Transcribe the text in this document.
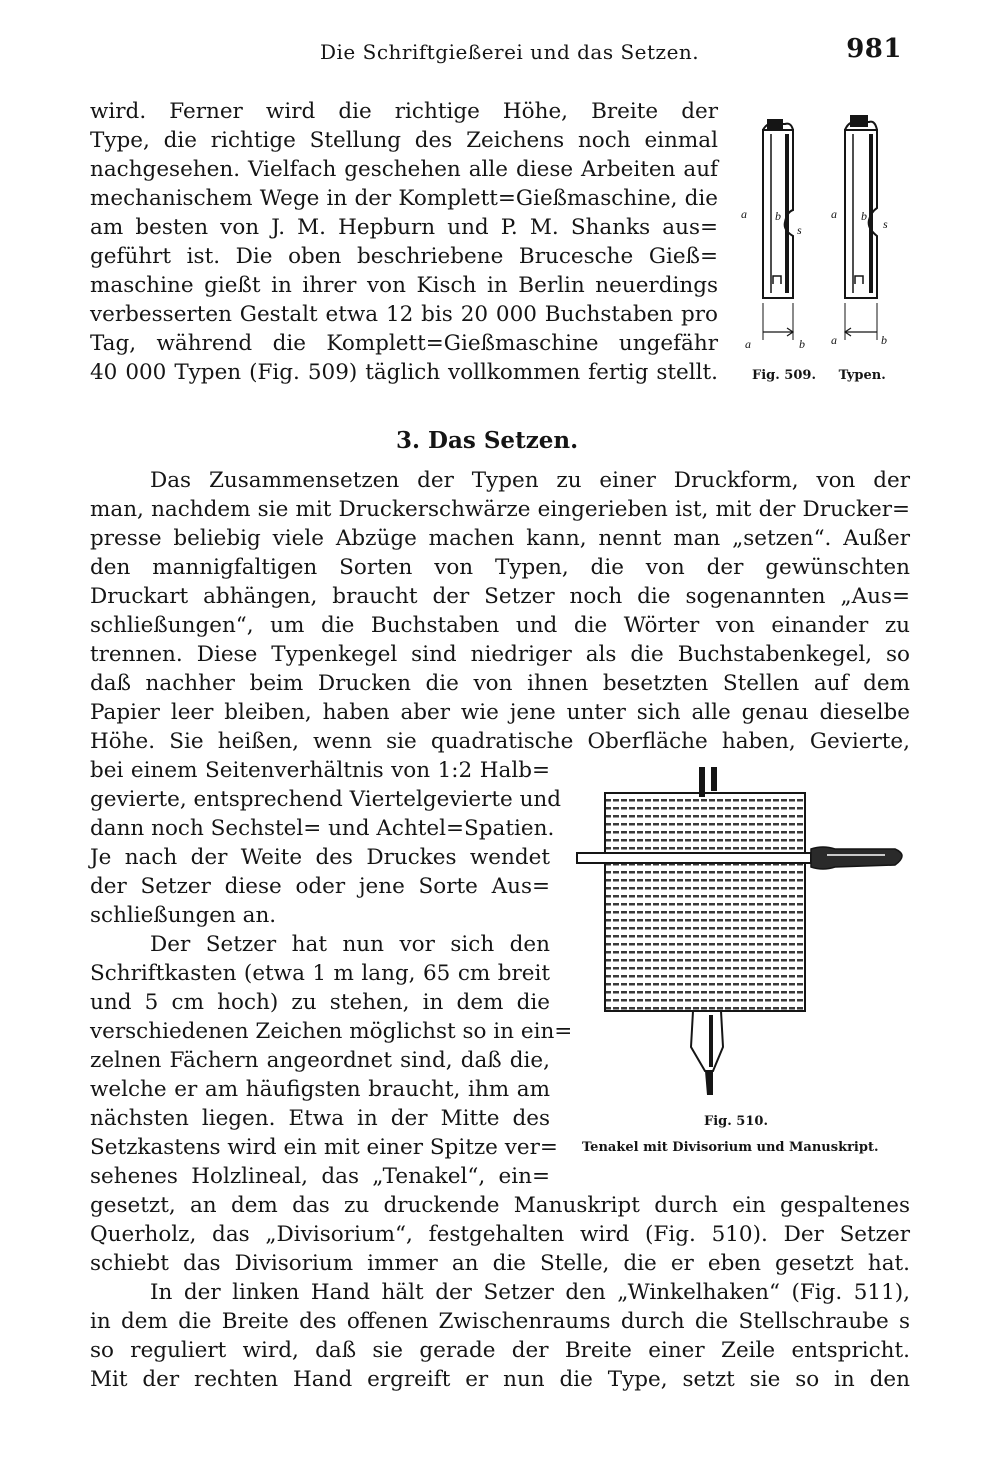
Die Schriftgießerei und das Setzen.	981
wird. Ferner wird die richtige Höhe, Breite der
Type, die richtige Stellung des Zeichens noch einmal
nachgesehen. Vielfach geschehen alle diese Arbeiten auf
mechanischem Wege in der Komplett=Gießmaschine, die
am besten von J. M. Hepburn und P. M. Shanks aus=
geführt ist. Die oben beschriebene Brucesche Gieß=
maschine gießt in ihrer von Kisch in Berlin neuerdings
verbesserten Gestalt etwa 12 bis 20 000 Buchstaben pro
Tag, während die Komplett=Gießmaschine ungefähr
40 000 Typen (Fig. 509) täglich vollkommen fertig stellt.
a b
s
a b
s
a	b a	b
Fig. 509. Typen.
3. Das Setzen.
Das Zusammensetzen der Typen zu einer Druckform, von der
man, nachdem sie mit Druckerschwärze eingerieben ist, mit der Drucker=
presse beliebig viele Abzüge machen kann, nennt man „setzen“. Außer
den mannigfaltigen Sorten von Typen, die von der gewünschten
Druckart abhängen, braucht der Setzer noch die sogenannten „Aus=
schließungen“, um die Buchstaben und die Wörter von einander zu
trennen. Diese Typenkegel sind niedriger als die Buchstabenkegel, so
daß nachher beim Drucken die von ihnen besetzten Stellen auf dem
Papier leer bleiben, haben aber wie jene unter sich alle genau dieselbe
Höhe. Sie heißen, wenn sie quadratische Oberfläche haben, Gevierte,
bei einem Seitenverhältnis von 1:2 Halb=
gevierte, entsprechend Viertelgevierte und
dann noch Sechstel= und Achtel=Spatien.
Je nach der Weite des Druckes wendet
der Setzer diese oder jene Sorte Aus=
schließungen an.
Der Setzer hat nun vor sich den
Schriftkasten (etwa 1 m lang, 65 cm breit
und 5 cm hoch) zu stehen, in dem die
verschiedenen Zeichen möglichst so in ein=
zelnen Fächern angeordnet sind, daß die,
welche er am häufigsten braucht, ihm am
nächsten liegen. Etwa in der Mitte des
Setzkastens wird ein mit einer Spitze ver=
sehenes Holzlineal, das „Tenakel“, ein=
gesetzt, an dem das zu druckende Manuskript durch ein gespaltenes
Querholz, das „Divisorium“, festgehalten wird (Fig. 510). Der Setzer
schiebt das Divisorium immer an die Stelle, die er eben gesetzt hat.
In der linken Hand hält der Setzer den „Winkelhaken“ (Fig. 511),
in dem die Breite des offenen Zwischenraums durch die Stellschraube s
so reguliert wird, daß sie gerade der Breite einer Zeile entspricht.
Mit der rechten Hand ergreift er nun die Type, setzt sie so in den
Fig. 510.
Tenakel mit Divisorium und Manuskript.
